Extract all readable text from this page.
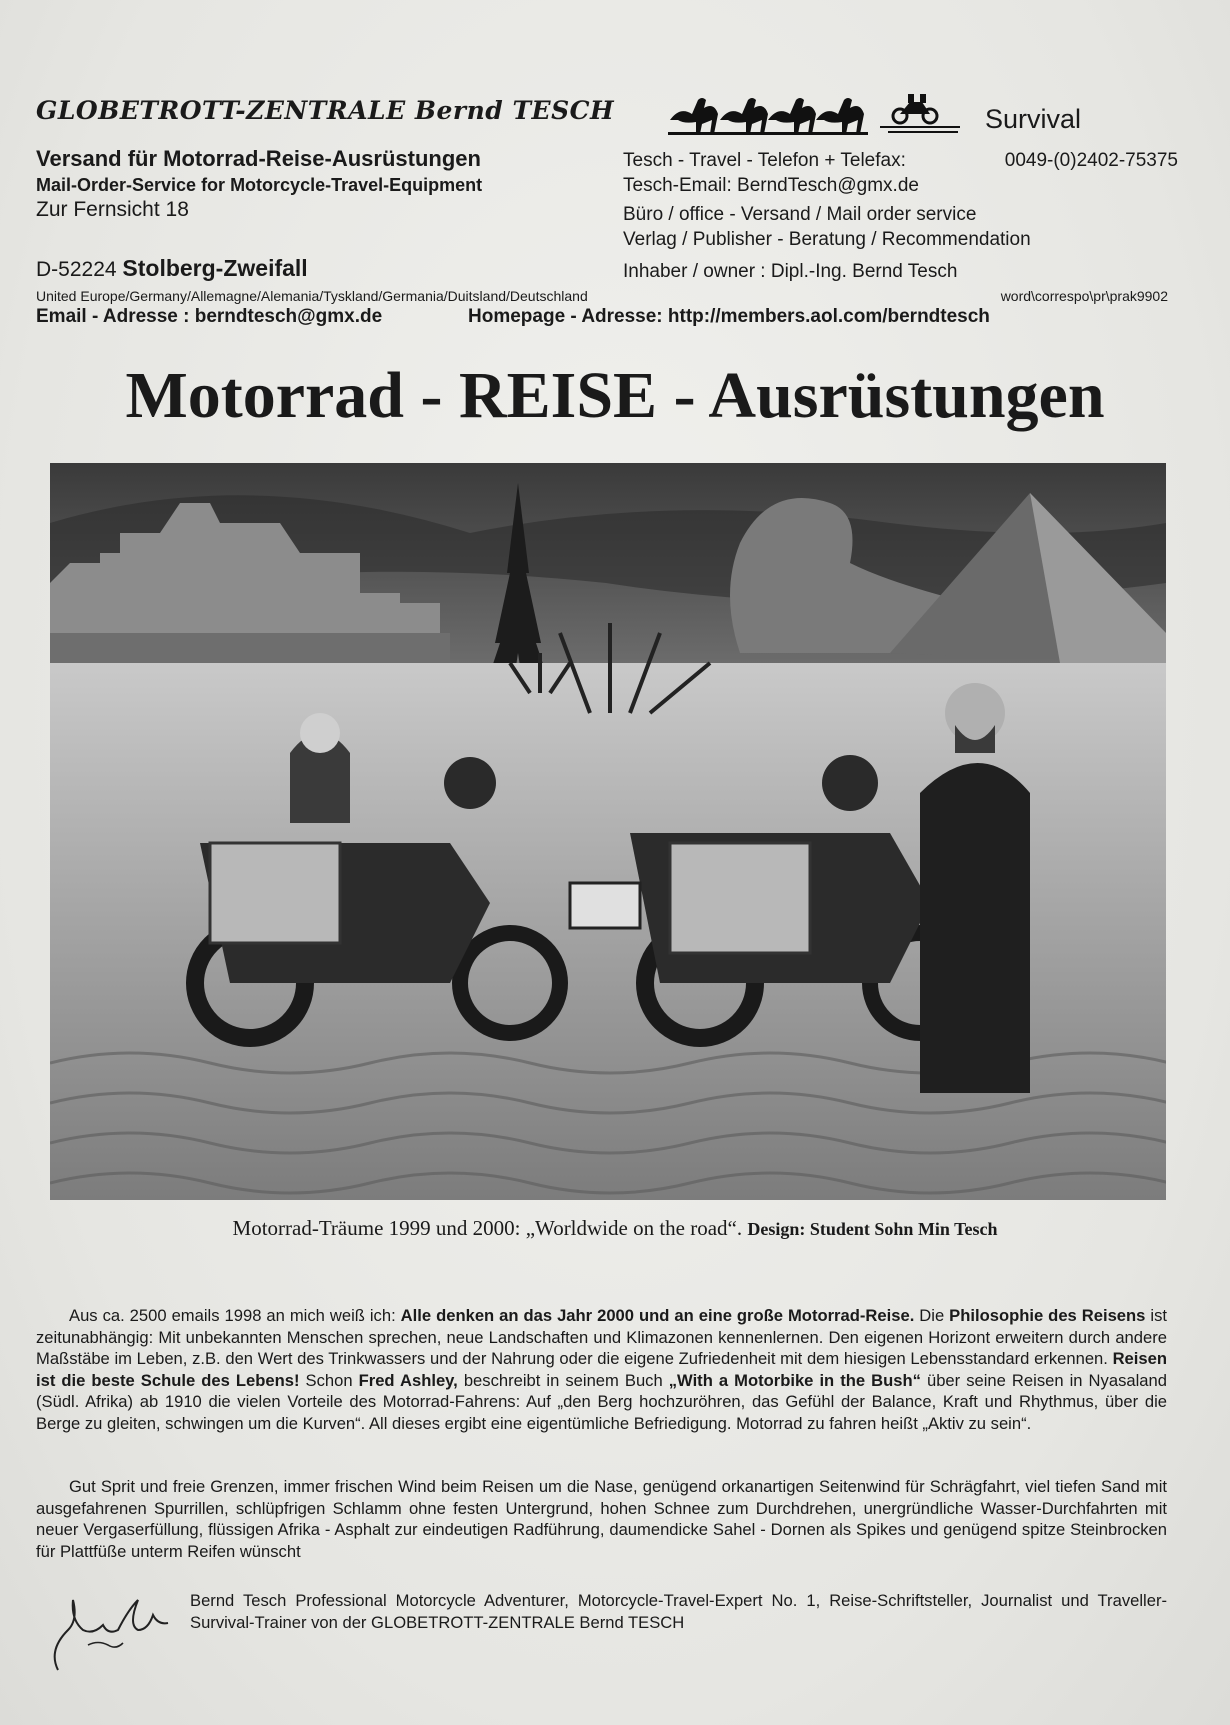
GLOBETROTT-ZENTRALE Bernd TESCH
Versand für Motorrad-Reise-Ausrüstungen
Mail-Order-Service for Motorcycle-Travel-Equipment
Zur Fernsicht 18
D-52224 Stolberg-Zweifall
United Europe/Germany/Allemagne/Alemania/Tyskland/Germania/Duitsland/Deutschland	word\correspo\pr\prak9902
Email - Adresse : berndtesch@gmx.de	Homepage - Adresse: http://members.aol.com/berndtesch
Survival
Tesch - Travel - Telefon + Telefax:	0049-(0)2402-75375
Tesch-Email: BerndTesch@gmx.de
Büro / office - Versand / Mail order service
Verlag / Publisher - Beratung / Recommendation
Inhaber / owner : Dipl.-Ing. Bernd Tesch
Motorrad - REISE - Ausrüstungen
Motorrad-Träume 1999 und 2000: „Worldwide on the road“. Design: Student Sohn Min Tesch
Aus ca. 2500 emails 1998 an mich weiß ich: Alle denken an das Jahr 2000 und an eine große Motorrad-Reise. Die Philosophie des Reisens ist zeitunabhängig: Mit unbekannten Menschen sprechen, neue Landschaften und Klimazonen kennenlernen. Den eigenen Horizont erweitern durch andere Maßstäbe im Leben, z.B. den Wert des Trinkwassers und der Nahrung oder die eigene Zufriedenheit mit dem hiesigen Lebensstandard erkennen. Reisen ist die beste Schule des Lebens! Schon Fred Ashley, beschreibt in seinem Buch „With a Motorbike in the Bush“ über seine Reisen in Nyasaland (Südl. Afrika) ab 1910 die vielen Vorteile des Motorrad-Fahrens: Auf „den Berg hochzuröhren, das Gefühl der Balance, Kraft und Rhythmus, über die Berge zu gleiten, schwingen um die Kurven“. All dieses ergibt eine eigentümliche Befriedigung. Motorrad zu fahren heißt „Aktiv zu sein“.
Gut Sprit und freie Grenzen, immer frischen Wind beim Reisen um die Nase, genügend orkanartigen Seitenwind für Schrägfahrt, viel tiefen Sand mit ausgefahrenen Spurrillen, schlüpfrigen Schlamm ohne festen Untergrund, hohen Schnee zum Durchdrehen, unergründliche Wasser-Durchfahrten mit neuer Vergaserfüllung, flüssigen Afrika - Asphalt zur eindeutigen Radführung, daumendicke Sahel - Dornen als Spikes und genügend spitze Steinbrocken für Plattfüße unterm Reifen wünscht
Bernd Tesch Professional Motorcycle Adventurer, Motorcycle-Travel-Expert No. 1, Reise-Schriftsteller, Journalist und Traveller-Survival-Trainer von der GLOBETROTT-ZENTRALE Bernd TESCH
